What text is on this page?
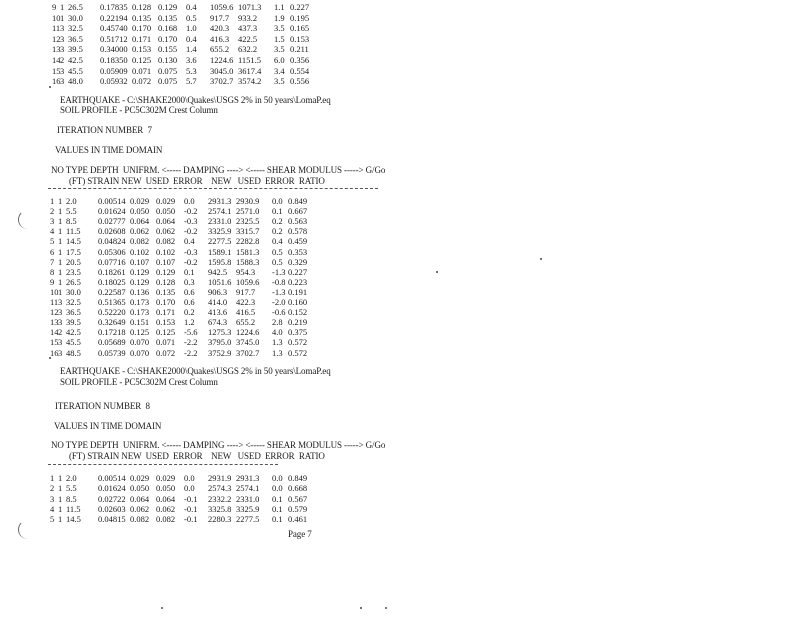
9 1 26.5 0.17835 0.128 0.129 0.4 1059.6 1071.3 1.1 0.227
10 1 30.0 0.22194 0.135 0.135 0.5 917.7 933.2 1.9 0.195
11 3 32.5 0.45740 0.170 0.168 1.0 420.3 437.3 3.5 0.165
12 3 36.5 0.51712 0.171 0.170 0.4 416.3 422.5 1.5 0.153
13 3 39.5 0.34000 0.153 0.155 1.4 655.2 632.2 3.5 0.211
14 2 42.5 0.18350 0.125 0.130 3.6 1224.6 1151.5 6.0 0.356
15 3 45.5 0.05909 0.071 0.075 5.3 3045.0 3617.4 3.4 0.554
16 3 48.0 0.05932 0.072 0.075 5.7 3702.7 3574.2 3.5 0.556
EARTHQUAKE - C:\SHAKE2000\Quakes\USGS 2% in 50 years\LomaP.eq
SOIL PROFILE - PC5C302M Crest Column
ITERATION NUMBER  7
VALUES IN TIME DOMAIN
NO TYPE DEPTH  UNIFRM. <----- DAMPING ----> <----- SHEAR MODULUS -----> G/Go
(FT) STRAIN NEW  USED  ERROR    NEW   USED  ERROR  RATIO
1 1 2.0	0.00514 0.029 0.029 0.0 2931.3 2930.9 0.0 0.849
2 1 5.5	0.01624 0.050 0.050 -0.2 2574.1 2571.0 0.1 0.667
3 1 8.5	0.02777 0.064 0.064 -0.3 2331.0 2325.5 0.2 0.563
4 1 11.5 0.02608 0.062 0.062 -0.2 3325.9 3315.7 0.2 0.578
5 1 14.5 0.04824 0.082 0.082 0.4 2277.5 2282.8 0.4 0.459
6 1 17.5 0.05306 0.102 0.102 -0.3 1589.1 1581.3 0.5 0.353
7 1 20.5 0.07716 0.107 0.107 -0.2 1595.8 1588.3 0.5 0.329
8 1 23.5 0.18261 0.129 0.129 0.1 942.5 954.3 -1.3 0.227
9 1 26.5 0.18025 0.129 0.128 0.3 1051.6 1059.6 -0.8 0.223
10 1 30.0 0.22587 0.136 0.135 0.6 906.3 917.7 -1.3 0.191
11 3 32.5 0.51365 0.173 0.170 0.6 414.0 422.3 -2.0 0.160
12 3 36.5 0.52220 0.173 0.171 0.2 413.6 416.5 -0.6 0.152
13 3 39.5 0.32649 0.151 0.153 1.2 674.3 655.2 2.8 0.219
14 2 42.5 0.17218 0.125 0.125 -5.6 1275.3 1224.6 4.0 0.375
15 3 45.5 0.05689 0.070 0.071 -2.2 3795.0 3745.0 1.3 0.572
16 3 48.5 0.05739 0.070 0.072 -2.2 3752.9 3702.7 1.3 0.572
EARTHQUAKE - C:\SHAKE2000\Quakes\USGS 2% in 50 years\LomaP.eq
SOIL PROFILE - PC5C302M Crest Column
ITERATION NUMBER  8
VALUES IN TIME DOMAIN
NO TYPE DEPTH  UNIFRM. <----- DAMPING ----> <----- SHEAR MODULUS -----> G/Go
(FT) STRAIN NEW  USED  ERROR    NEW   USED  ERROR  RATIO
1 1 2.0	0.00514 0.029 0.029 0.0 2931.9 2931.3 0.0 0.849
2 1 5.5	0.01624 0.050 0.050 0.0 2574.3 2574.1 0.0 0.668
3 1 8.5	0.02722 0.064 0.064 -0.1 2332.2 2331.0 0.1 0.567
4 1 11.5 0.02603 0.062 0.062 -0.1 3325.8 3325.9 0.1 0.579
5 1 14.5 0.04815 0.082 0.082 -0.1 2280.3 2277.5 0.1 0.461
Page 7
